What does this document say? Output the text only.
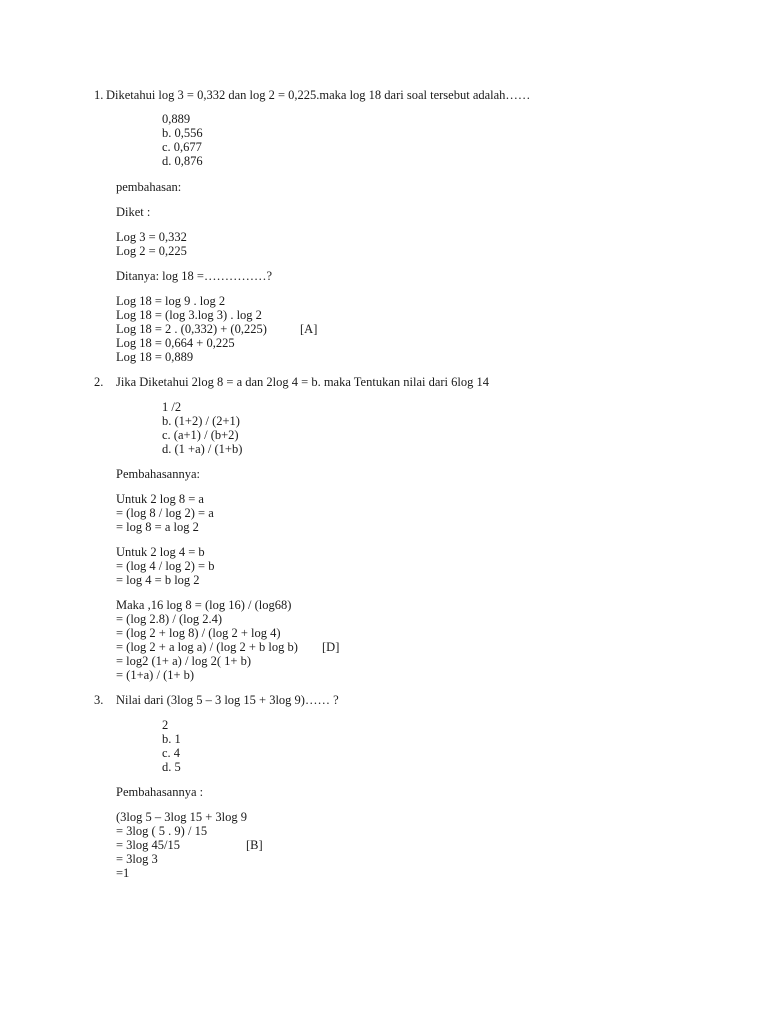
1. Diketahui log 3 = 0,332 dan log 2 = 0,225.maka log 18 dari soal tersebut adalah……
0,889
b. 0,556
c. 0,677
d. 0,876
pembahasan:
Diket :
Log 3 = 0,332
Log 2 = 0,225
Ditanya: log 18 =……………?
Log 18 = log 9 . log 2
Log 18 = (log 3.log 3) . log 2
Log 18 = 2 . (0,332) + (0,225)
Log 18 = 0,664 + 0,225
Log 18 = 0,889
[A]
2. Jika Diketahui 2log 8 = a dan 2log 4 = b. maka Tentukan nilai dari 6log 14
1 /2
b. (1+2) / (2+1)
c. (a+1) / (b+2)
d. (1 +a) / (1+b)
Pembahasannya:
Untuk 2 log 8 = a
= (log 8 / log 2) = a
= log 8 = a log 2
Untuk 2 log 4 = b
= (log 4 / log 2) = b
= log 4 = b log 2
Maka ,16 log 8 = (log 16) / (log68)
= (log 2.8) / (log 2.4)
= (log 2 + log 8) / (log 2 + log 4)
= (log 2 + a log a) / (log 2 + b log b)
= log2 (1+ a) / log 2( 1+ b)
= (1+a) / (1+ b)
[D]
3. Nilai dari (3log 5 – 3 log 15 + 3log 9)…… ?
2
b. 1
c. 4
d. 5
Pembahasannya :
(3log 5 – 3log 15 + 3log 9
= 3log ( 5 . 9) / 15
= 3log 45/15
= 3log 3
=1
[B]
